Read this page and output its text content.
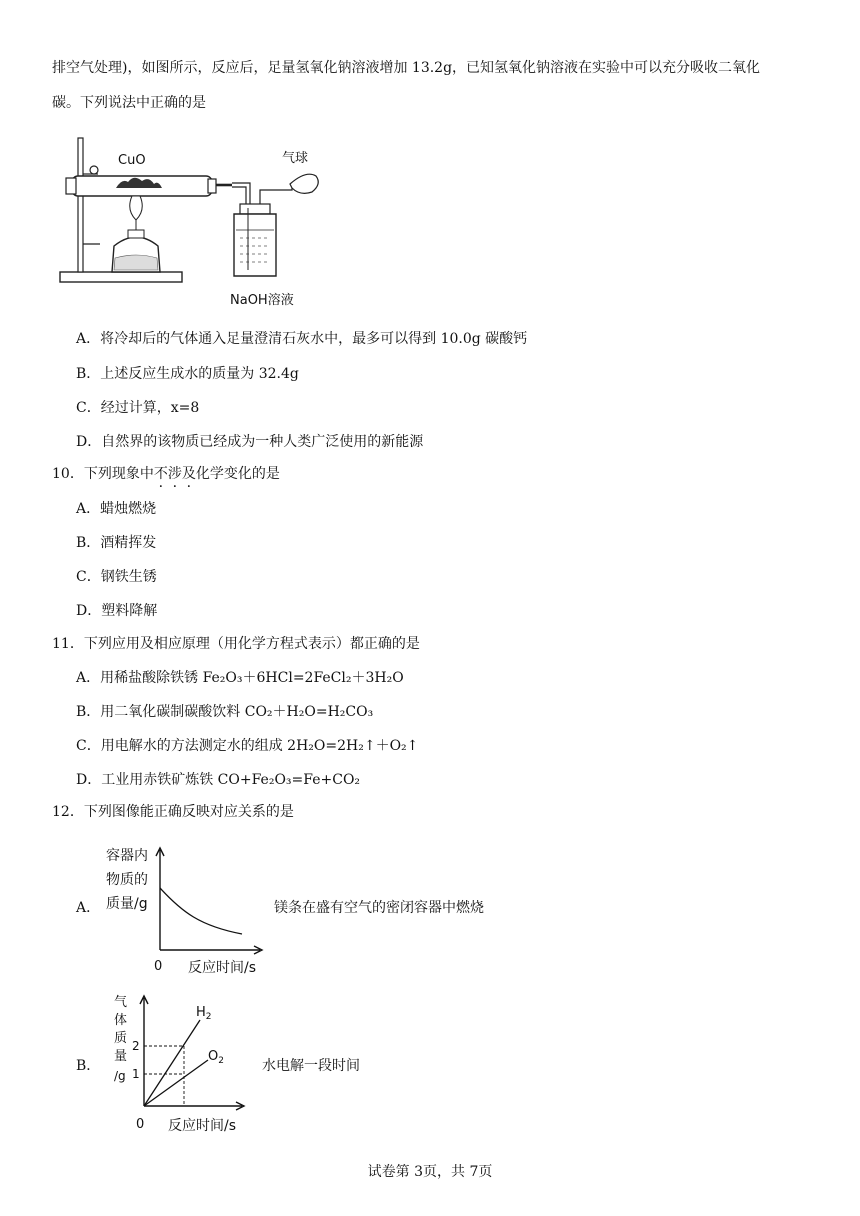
排空气处理)，如图所示，反应后，足量氢氧化钠溶液增加 13.2g，已知氢氧化钠溶液在实验中可以充分吸收二氧化
碳。下列说法中正确的是
CuO	气球
NaOH溶液
A．将冷却后的气体通入足量澄清石灰水中，最多可以得到 10.0g 碳酸钙
B．上述反应生成水的质量为 32.4g
C．经过计算，x=8
D．自然界的该物质已经成为一种人类广泛使用的新能源
10．下列现象中不涉及化学变化的是
A．蜡烛燃烧
B．酒精挥发
C．钢铁生锈
D．塑料降解
11．下列应用及相应原理（用化学方程式表示）都正确的是
A．用稀盐酸除铁锈 Fe₂O₃＋6HCl=2FeCl₂＋3H₂O
B．用二氧化碳制碳酸饮料 CO₂＋H₂O=H₂CO₃
C．用电解水的方法测定水的组成 2H₂O=2H₂↑＋O₂↑
D．工业用赤铁矿炼铁 CO+Fe₂O₃=Fe+CO₂
12．下列图像能正确反映对应关系的是
A．
容器内
物质的
质量/g
0 反应时间/s
镁条在盛有空气的密闭容器中燃烧
B．
气
体
质
量
/g
2
1
$H_2$
$O_2$
0 反应时间/s
水电解一段时间
试卷第 3页，共 7页
